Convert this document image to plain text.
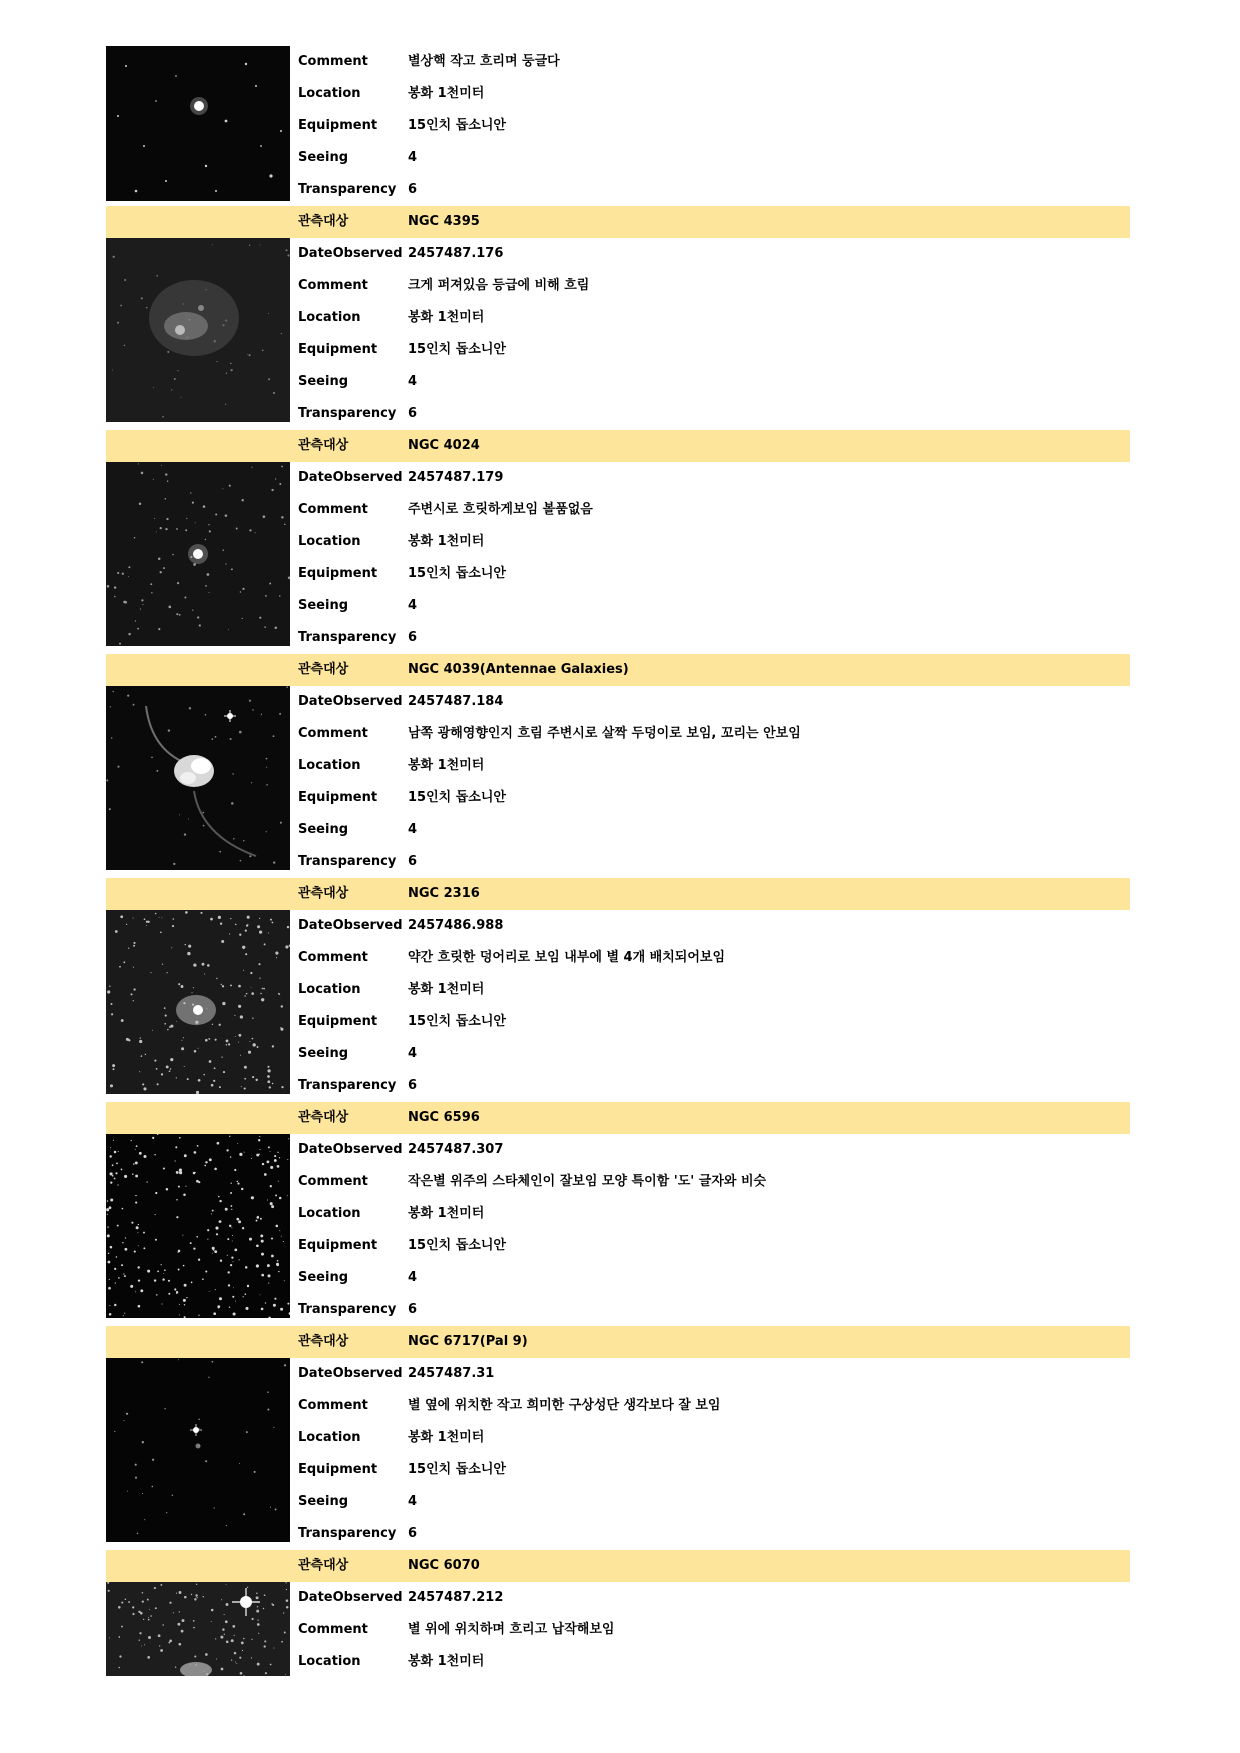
Comment	별상핵 작고 흐리며 둥글다
Location	봉화 1천미터
Equipment 15인치 돕소니안
Seeing	4
Transparency 6
관측대상	NGC 4395
DateObserved 2457487.176
Comment	크게 퍼져있음 등급에 비해 흐림
Location	봉화 1천미터
Equipment 15인치 돕소니안
Seeing	4
Transparency 6
관측대상	NGC 4024
DateObserved 2457487.179
Comment	주변시로 흐릿하게보임 볼품없음
Location	봉화 1천미터
Equipment 15인치 돕소니안
Seeing	4
Transparency 6
관측대상	NGC 4039(Antennae Galaxies)
DateObserved 2457487.184
Comment	남쪽 광해영향인지 흐림 주변시로 살짝 두덩이로 보임, 꼬리는 안보임
Location	봉화 1천미터
Equipment 15인치 돕소니안
Seeing	4
Transparency 6
관측대상	NGC 2316
DateObserved 2457486.988
Comment	약간 흐릿한 덩어리로 보임 내부에 별 4개 배치되어보임
Location	봉화 1천미터
Equipment 15인치 돕소니안
Seeing	4
Transparency 6
관측대상	NGC 6596
DateObserved 2457487.307
Comment	작은별 위주의 스타체인이 잘보임 모양 특이함 '도' 글자와 비슷
Location	봉화 1천미터
Equipment 15인치 돕소니안
Seeing	4
Transparency 6
관측대상	NGC 6717(Pal 9)
DateObserved 2457487.31
Comment	별 옆에 위치한 작고 희미한 구상성단 생각보다 잘 보임
Location	봉화 1천미터
Equipment 15인치 돕소니안
Seeing	4
Transparency 6
관측대상	NGC 6070
DateObserved 2457487.212
Comment	별 위에 위치하며 흐리고 납작해보임
Location	봉화 1천미터
